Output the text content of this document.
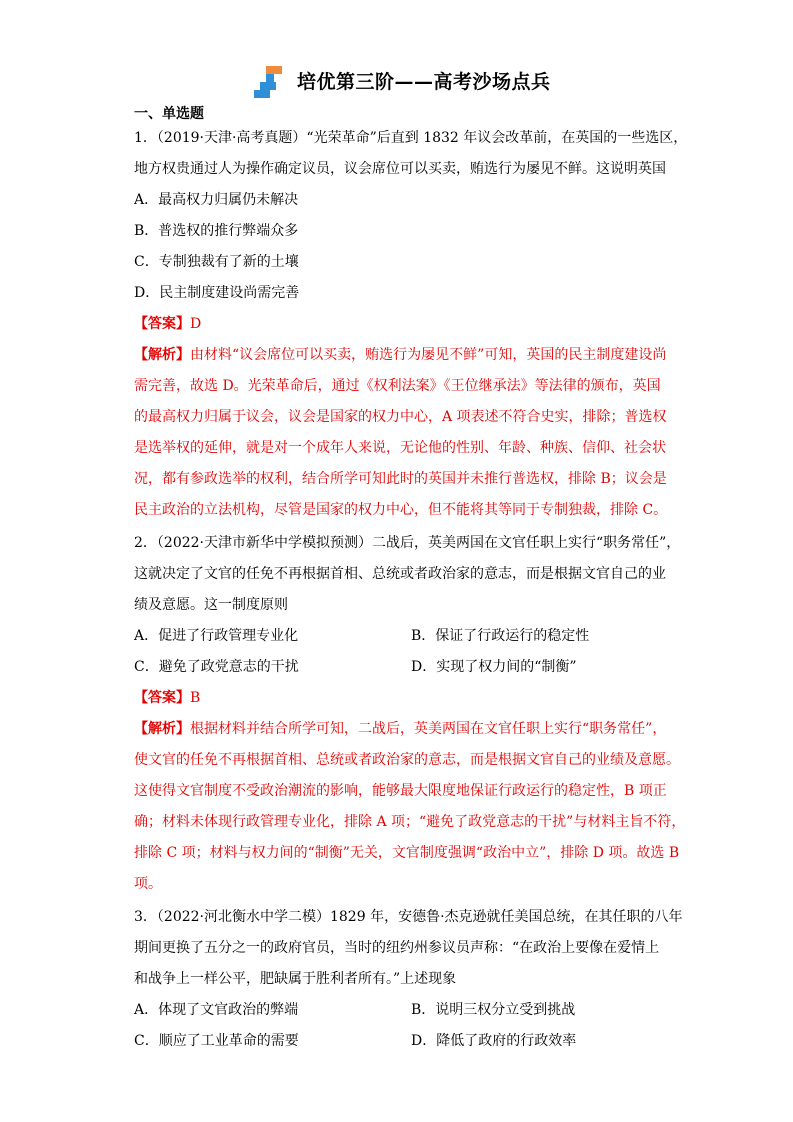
培优第三阶——高考沙场点兵
一、单选题
1．（2019·天津·高考真题）“光荣革命”后直到 1832 年议会改革前，在英国的一些选区，
地方权贵通过人为操作确定议员，议会席位可以买卖，贿选行为屡见不鲜。这说明英国
A．最高权力归属仍未解决
B．普选权的推行弊端众多
C．专制独裁有了新的土壤
D．民主制度建设尚需完善
【答案】D
【解析】由材料“议会席位可以买卖，贿选行为屡见不鲜”可知，英国的民主制度建设尚
需完善，故选 D。光荣革命后，通过《权利法案》《王位继承法》等法律的颁布，英国
的最高权力归属于议会，议会是国家的权力中心，A 项表述不符合史实，排除；普选权
是选举权的延伸，就是对一个成年人来说，无论他的性别、年龄、种族、信仰、社会状
况，都有参政选举的权利，结合所学可知此时的英国并未推行普选权，排除 B；议会是
民主政治的立法机构，尽管是国家的权力中心，但不能将其等同于专制独裁，排除 C。
2．（2022·天津市新华中学模拟预测）二战后，英美两国在文官任职上实行“职务常任”，
这就决定了文官的任免不再根据首相、总统或者政治家的意志，而是根据文官自己的业
绩及意愿。这一制度原则
A．促进了行政管理专业化	B．保证了行政运行的稳定性
C．避免了政党意志的干扰	D．实现了权力间的“制衡”
【答案】B
【解析】根据材料并结合所学可知，二战后，英美两国在文官任职上实行“职务常任”，
使文官的任免不再根据首相、总统或者政治家的意志，而是根据文官自己的业绩及意愿。
这使得文官制度不受政治潮流的影响，能够最大限度地保证行政运行的稳定性，B 项正
确；材料未体现行政管理专业化，排除 A 项；“避免了政党意志的干扰”与材料主旨不符，
排除 C 项；材料与权力间的“制衡”无关，文官制度强调“政治中立”，排除 D 项。故选 B
项。
3．（2022·河北衡水中学二模）1829 年，安德鲁·杰克逊就任美国总统，在其任职的八年
期间更换了五分之一的政府官员，当时的纽约州参议员声称：“在政治上要像在爱情上
和战争上一样公平，肥缺属于胜利者所有。”上述现象
A．体现了文官政治的弊端	B．说明三权分立受到挑战
C．顺应了工业革命的需要	D．降低了政府的行政效率
